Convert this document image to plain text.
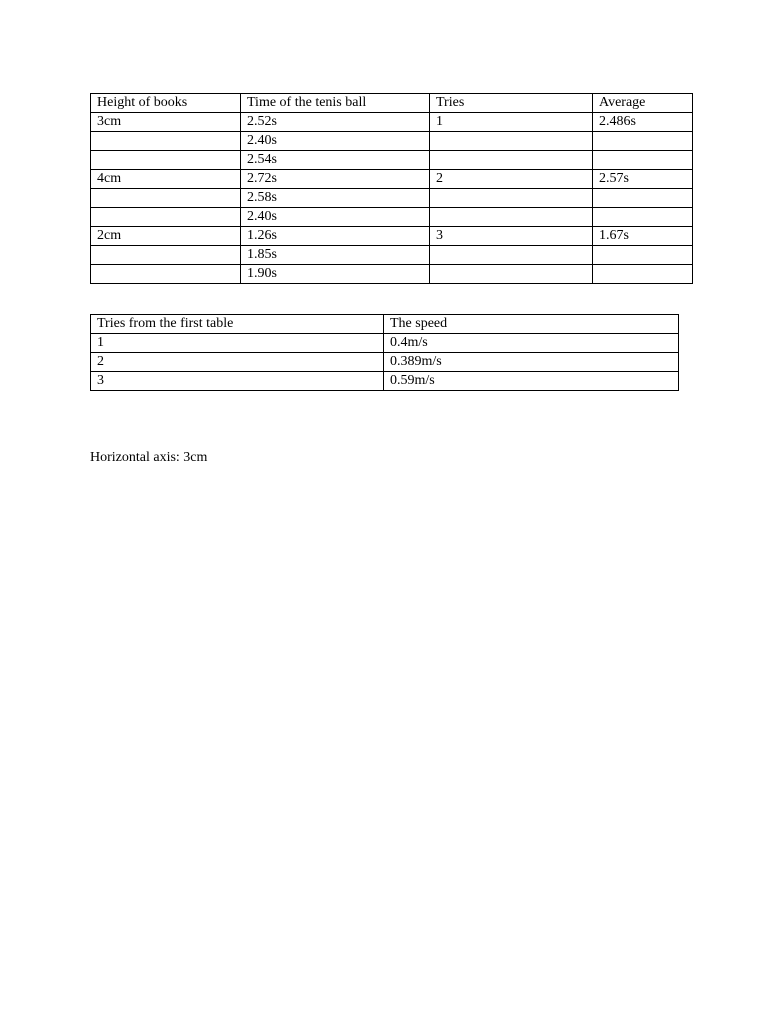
Height of books	Time of the tenis ball	Tries	Average
3cm	2.52s	1	2.486s
	2.40s		
	2.54s		
4cm	2.72s	2	2.57s
	2.58s		
	2.40s		
2cm	1.26s	3	1.67s
	1.85s		
	1.90s		
Tries from the first table	The speed
1	0.4m/s
2	0.389m/s
3	0.59m/s
Horizontal axis: 3cm
